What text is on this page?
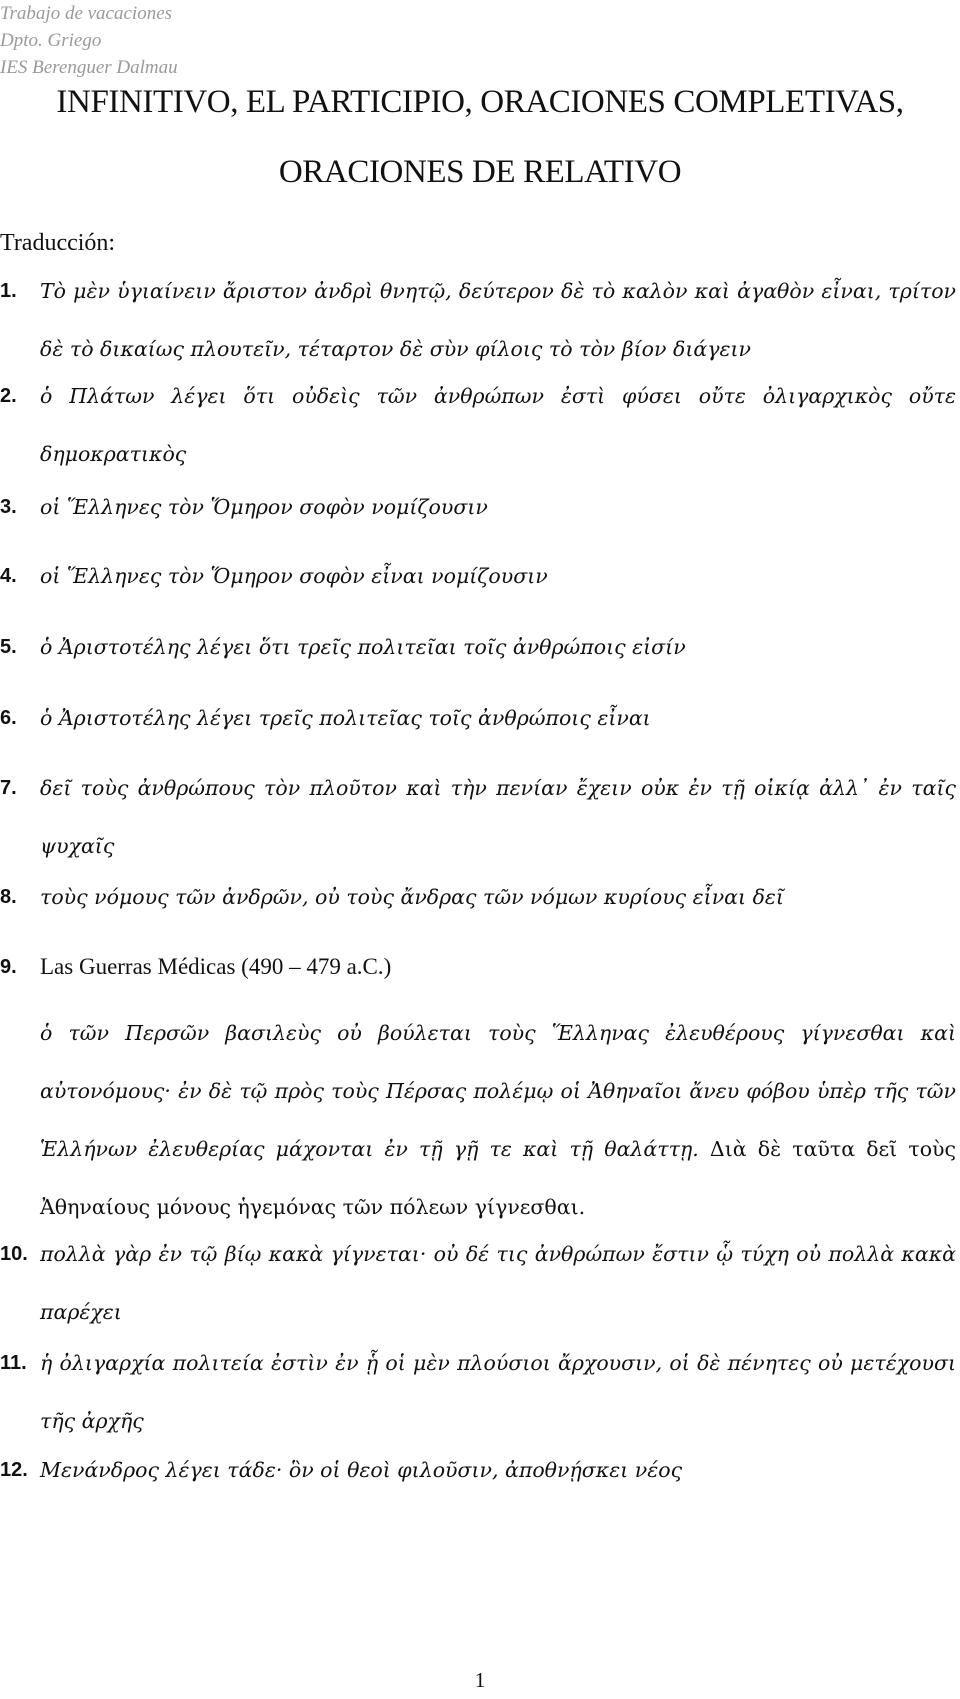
Trabajo de vacaciones
Dpto. Griego
IES Berenguer Dalmau
INFINITIVO, EL PARTICIPIO, ORACIONES COMPLETIVAS,
ORACIONES DE RELATIVO
Traducción:
1. Τὸ μὲν ὑγιαίνειν ἄριστον ἀνδρὶ θνητῷ, δεύτερον δὲ τὸ καλὸν καὶ ἀγαθὸν εἶναι, τρίτον δὲ τὸ δικαίως πλουτεῖν, τέταρτον δὲ σὺν φίλοις τὸ τὸν βίον διάγειν
2. ὁ Πλάτων λέγει ὅτι οὐδεὶς τῶν ἀνθρώπων ἐστὶ φύσει οὔτε ὀλιγαρχικὸς οὔτε δημοκρατικὸς
3. οἱ Ἕλληνες τὸν Ὅμηρον σοφὸν νομίζουσιν
4. οἱ Ἕλληνες τὸν Ὅμηρον σοφὸν εἶναι νομίζουσιν
5. ὁ Ἀριστοτέλης λέγει ὅτι τρεῖς πολιτεῖαι τοῖς ἀνθρώποις εἰσίν
6. ὁ Ἀριστοτέλης λέγει τρεῖς πολιτεῖας τοῖς ἀνθρώποις εἶναι
7. δεῖ τοὺς ἀνθρώπους τὸν πλοῦτον καὶ τὴν πενίαν ἔχειν οὐκ ἐν τῇ οἰκίᾳ ἀλλ᾽ ἐν ταῖς ψυχαῖς
8. τοὺς νόμους τῶν ἀνδρῶν, οὐ τοὺς ἄνδρας τῶν νόμων κυρίους εἶναι δεῖ
9. Las Guerras Médicas (490 – 479 a.C.)
ὁ τῶν Περσῶν βασιλεὺς οὐ βούλεται τοὺς Ἕλληνας ἐλευθέρους γίγνεσθαι καὶ αὐτονόμους· ἐν δὲ τῷ πρὸς τοὺς Πέρσας πολέμῳ οἱ Ἀθηναῖοι ἄνευ φόβου ὑπὲρ τῆς τῶν Ἑλλήνων ἐλευθερίας μάχονται ἐν τῇ γῇ τε καὶ τῇ θαλάττῃ. Διὰ δὲ ταῦτα δεῖ τοὺς Ἀθηναίους μόνους ἡγεμόνας τῶν πόλεων γίγνεσθαι.
10. πολλὰ γὰρ ἐν τῷ βίῳ κακὰ γίγνεται· οὐ δέ τις ἀνθρώπων ἔστιν ᾧ τύχη οὐ πολλὰ κακὰ παρέχει
11. ἡ ὀλιγαρχία πολιτεία ἐστὶν ἐν ᾗ οἱ μὲν πλούσιοι ἄρχουσιν, οἱ δὲ πένητες οὐ μετέχουσι τῆς ἀρχῆς
12. Μενάνδρος λέγει τάδε· ὃν οἱ θεοὶ φιλοῦσιν, ἀποθνῄσκει νέος
1
